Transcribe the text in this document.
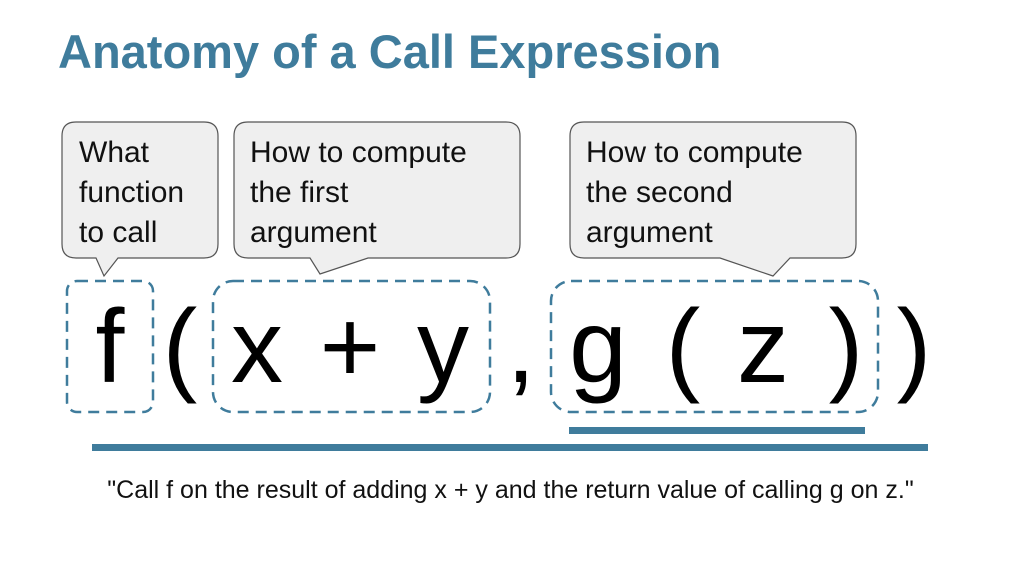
Anatomy of a Call Expression
What
function
to call
How to compute
the first
argument
How to compute
the second
argument
f ( x + y , g ( z ) )

"Call f on the result of adding x + y and the return value of calling g on z."
